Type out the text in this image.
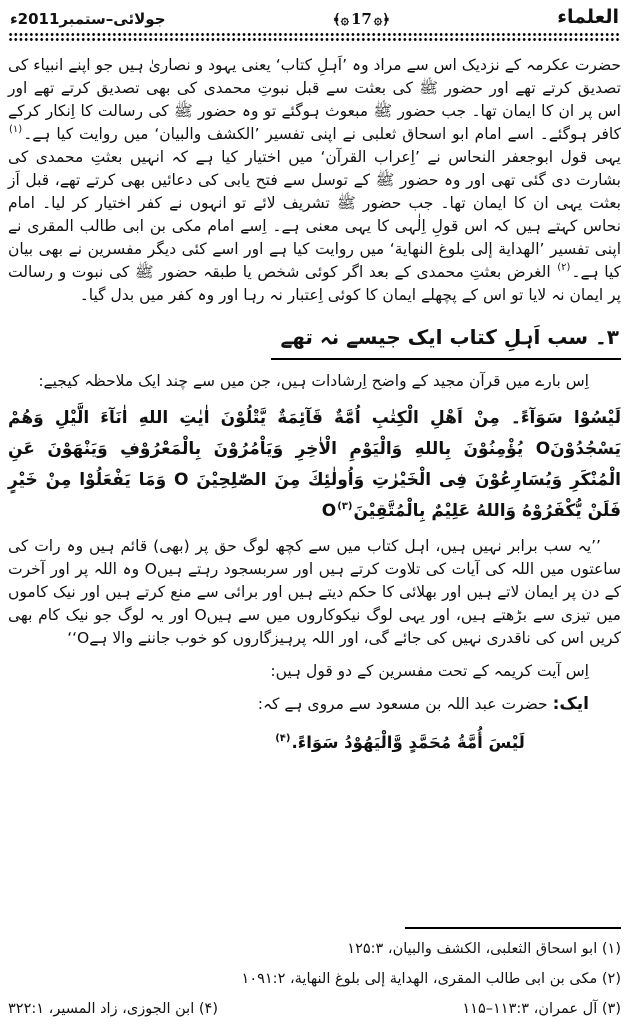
جولائی–ستمبر2011ء	﴾۞ 17 ۞﴿	العلماء

حضرت عکرمہ کے نزدیک اس سے مراد وہ ’اَہلِ کتاب‘ یعنی یہود و نصاریٰ ہیں جو اپنے انبیاء کی تصدیق کرتے تھے اور حضور ﷺ کی بعثت سے قبل نبوتِ محمدی کی بھی تصدیق کرتے تھے اور اس پر ان کا ایمان تھا۔ جب حضور ﷺ مبعوث ہوگئے تو وہ حضور ﷺ کی رسالت کا اِنکار کرکے کافر ہوگئے۔ اسے امام ابو اسحاق ثعلبی نے اپنی تفسیر ’الکشف والبیان‘ میں روایت کیا ہے۔$^{(۱)}$ یہی قول ابوجعفر النحاس نے ’اِعراب القرآن‘ میں اختیار کیا ہے کہ انہیں بعثتِ محمدی کی بشارت دی گئی تھی اور وہ حضور ﷺ کے توسل سے فتح یابی کی دعائیں بھی کرتے تھے، قبل اَز بعثت یہی ان کا ایمان تھا۔ جب حضور ﷺ تشریف لائے تو انہوں نے کفر اختیار کر لیا۔ امام نحاس کہتے ہیں کہ اس قولِ اِلٰہی کا یہی معنی ہے۔ اِسے امام مکی بن ابی طالب المقری نے اپنی تفسیر ’الهدایة إلی بلوغ النهایة‘ میں روایت کیا ہے اور اسے کئی دیگر مفسرین نے بھی بیان کیا ہے۔$^{(۲)}$ الغرض بعثتِ محمدی کے بعد اگر کوئی شخص یا طبقہ حضور ﷺ کی نبوت و رسالت پر ایمان نہ لایا تو اس کے پچھلے ایمان کا کوئی اِعتبار نہ رہا اور وہ کفر میں بدل گیا۔

۳۔ سب اَہلِ کتاب ایک جیسے نہ تھے

اِس بارے میں قرآن مجید کے واضح اِرشادات ہیں، جن میں سے چند ایک ملاحظہ کیجیے:

لَيْسُوْا سَوَآءً۔ مِنْ اَهْلِ الْكِتٰبِ اُمَّةٌ قَآئِمَةٌ يَّتْلُوْنَ اٰيٰتِ اللهِ اٰنَآءَ الَّيْلِ وَهُمْ يَسْجُدُوْنَO يُؤْمِنُوْنَ بِاللهِ وَالْيَوْمِ الْاٰخِرِ وَيَاْمُرُوْنَ بِالْمَعْرُوْفِ وَيَنْهَوْنَ عَنِ الْمُنْكَرِ وَيُسَارِعُوْنَ فِى الْخَيْرٰتِ وَاُولٰئِكَ مِنَ الصّٰلِحِيْنَ O وَمَا يَفْعَلُوْا مِنْ خَيْرٍ فَلَنْ يُّكْفَرُوْهُ وَاللهُ عَلِيْمٌ بِالْمُتَّقِيْنَO$^{(۳)}$

’’یہ سب برابر نہیں ہیں، اہل کتاب میں سے کچھ لوگ حق پر (بھی) قائم ہیں وہ رات کی ساعتوں میں اللہ کی آیات کی تلاوت کرتے ہیں اور سربسجود رہتے ہیںO وہ اللہ پر اور آخرت کے دن پر ایمان لاتے ہیں اور بھلائی کا حکم دیتے ہیں اور برائی سے منع کرتے ہیں اور نیک کاموں میں تیزی سے بڑھتے ہیں، اور یہی لوگ نیکوکاروں میں سے ہیںO اور یہ لوگ جو نیک کام بھی کریں اس کی ناقدری نہیں کی جائے گی، اور اللہ پرہیزگاروں کو خوب جاننے والا ہےO‘‘

اِس آیت کریمہ کے تحت مفسرین کے دو قول ہیں:

ایک: حضرت عبد اللہ بن مسعود سے مروی ہے کہ:

لَيْسَ أُمَّةُ مُحَمَّدٍ وَّالْيَهُوْدُ سَوَاءً.$^{(۴)}$
(۱) ابو اسحاق الثعلبی، الکشف والبیان، ۱۲۵:۳
(۲) مکی بن ابی طالب المقری، الهدایة إلی بلوغ النهایة، ۱۰۹۱:۲
(۳) آل عمران، ۱۱۳:۳–۱۱۵
(۴) ابن الجوزی، زاد المسیر، ۳۲۲:۱
